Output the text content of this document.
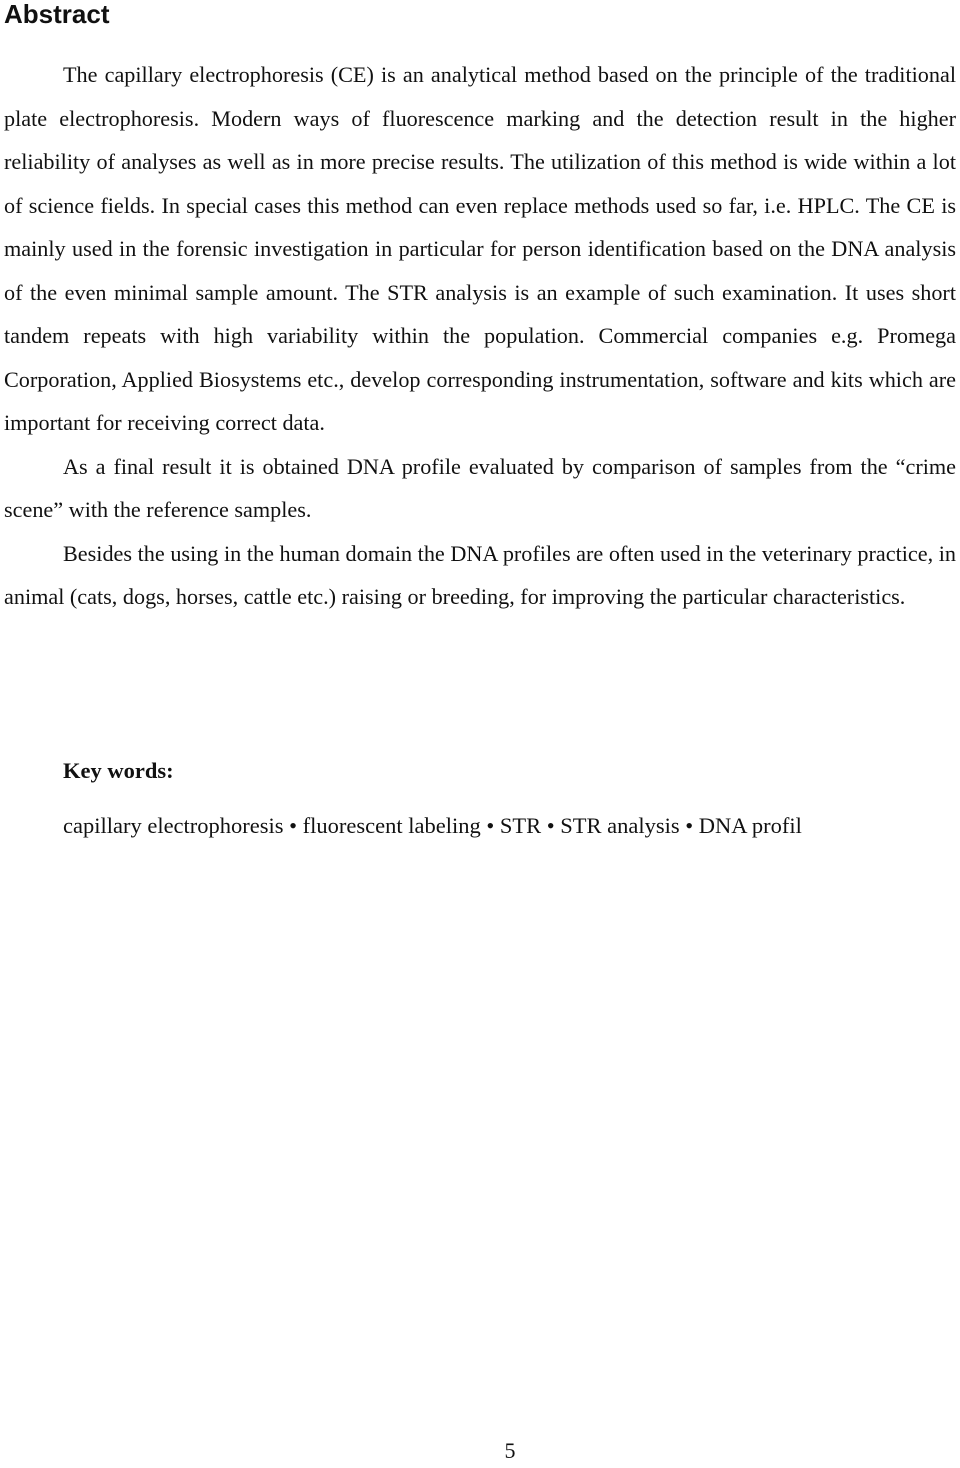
Abstract

The capillary electrophoresis (CE) is an analytical method based on the principle of the traditional plate electrophoresis. Modern ways of fluorescence marking and the detection result in the higher reliability of analyses as well as in more precise results. The utilization of this method is wide within a lot of science fields. In special cases this method can even replace methods used so far, i.e. HPLC. The CE is mainly used in the forensic investigation in particular for person identification based on the DNA analysis of the even minimal sample amount. The STR analysis is an example of such examination. It uses short tandem repeats with high variability within the population. Commercial companies e.g. Promega Corporation, Applied Biosystems etc., develop corresponding instrumentation, software and kits which are important for receiving correct data.

As a final result it is obtained DNA profile evaluated by comparison of samples from the “crime scene” with the reference samples.

Besides the using in the human domain the DNA profiles are often used in the veterinary practice, in animal (cats, dogs, horses, cattle etc.) raising or breeding, for improving the particular characteristics.

Key words:

capillary electrophoresis • fluorescent labeling • STR • STR analysis • DNA profil

5
